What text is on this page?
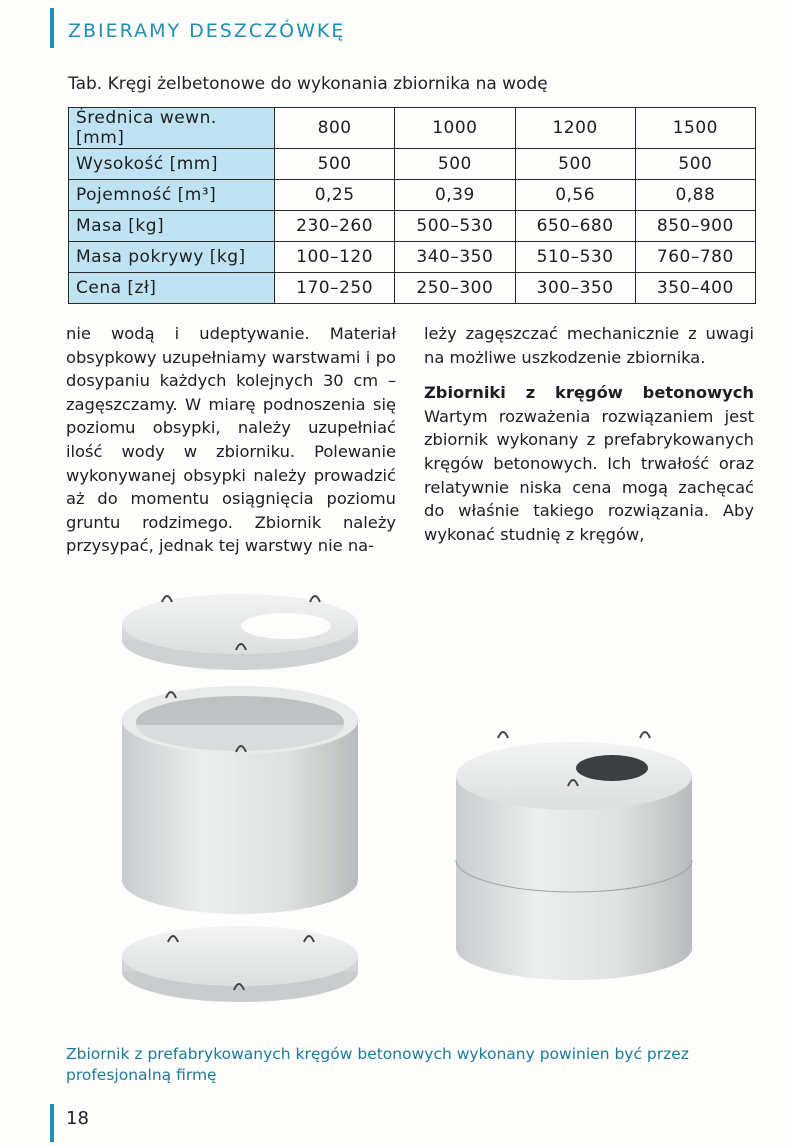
ZBIERAMY DESZCZÓWKĘ
Tab. Kręgi żelbetonowe do wykonania zbiornika na wodę
Średnica wewn. [mm]	800	1000	1200	1500
Wysokość [mm]	500	500	500	500
Pojemność [m³]	0,25	0,39	0,56	0,88
Masa [kg]	230–260	500–530	650–680	850–900
Masa pokrywy [kg]	100–120	340–350	510–530	760–780
Cena [zł]	170–250	250–300	300–350	350–400

nie wodą i udeptywanie. Materiał obsypkowy uzupełniamy warstwami i po dosypaniu każdych kolejnych 30 cm – zagęszczamy. W miarę podnoszenia się poziomu obsypki, należy uzupełniać ilość wody w zbiorniku. Polewanie wykonywanej obsypki należy prowadzić aż do momentu osiągnięcia poziomu gruntu rodzimego. Zbiornik należy przysypać, jednak tej warstwy nie na-

leży zagęszczać mechanicznie z uwagi na możliwe uszkodzenie zbiornika.

Zbiorniki z kręgów betonowych Wartym rozważenia rozwiązaniem jest zbiornik wykonany z prefabrykowanych kręgów betonowych. Ich trwałość oraz relatywnie niska cena mogą zachęcać do właśnie takiego rozwiązania. Aby wykonać studnię z kręgów,

Zbiornik z prefabrykowanych kręgów betonowych wykonany powinien być przez profesjonalną firmę
18
